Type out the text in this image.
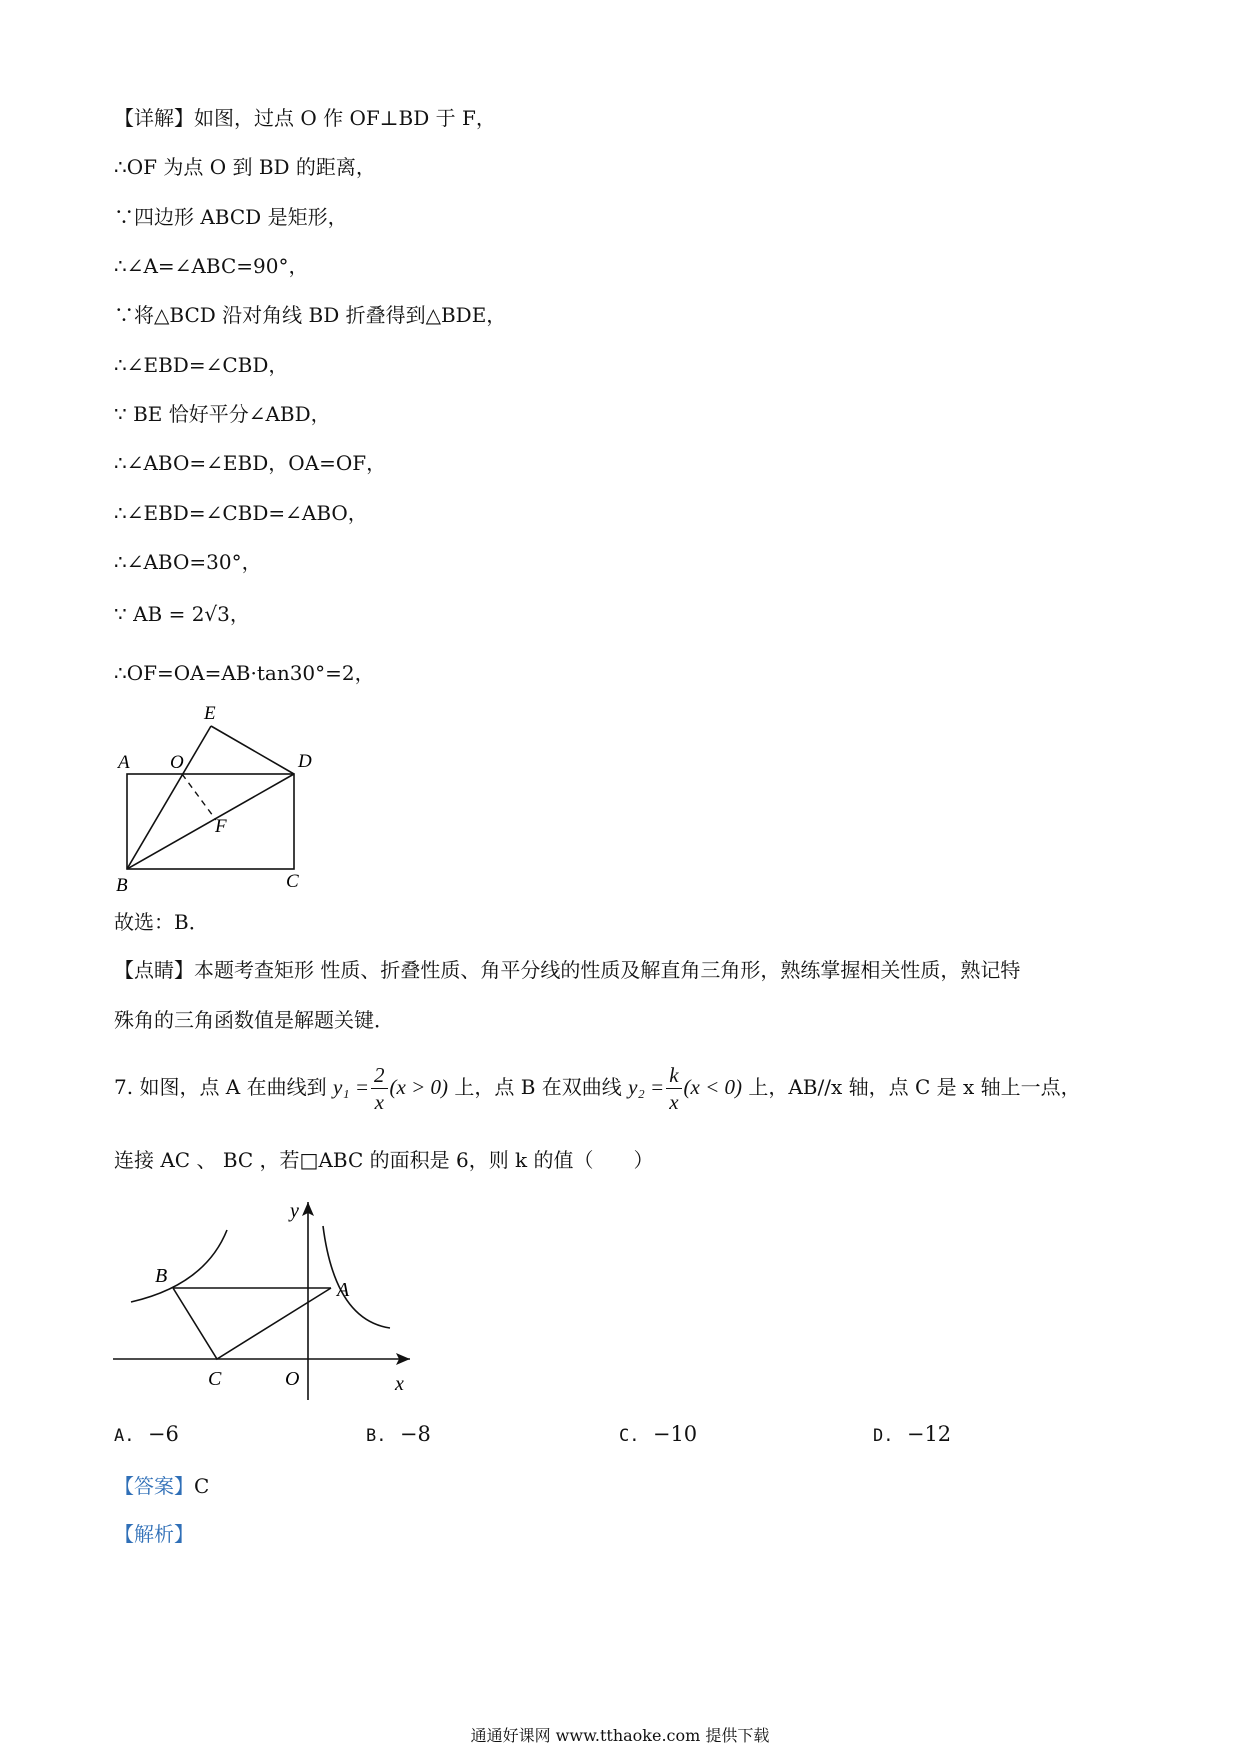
【详解】如图，过点 O 作 OF⊥BD 于 F，
∴OF 为点 O 到 BD 的距离，
∵四边形 ABCD 是矩形，
∴∠A=∠ABC=90°，
∵将△BCD 沿对角线 BD 折叠得到△BDE，
∴∠EBD=∠CBD，
∵ BE 恰好平分∠ABD，
∴∠ABO=∠EBD，OA=OF，
∴∠EBD=∠CBD=∠ABO，
∴∠ABO=30°，
∵ AB = 2√3，
∴OF=OA=AB·tan30°=2，
E
A O	D
F
B	C
故选：B．
【点睛】本题考查矩形 性质、折叠性质、角平分线的性质及解直角三角形，熟练掌握相关性质，熟记特
殊角的三角函数值是解题关键．
7. 如图，点 A 在曲线到 $y_1 = \frac{2}{x} (x > 0)$ 上，点 B 在双曲线 $y_2 = \frac{k}{x} (x < 0)$ 上，AB//x 轴，点 C 是 x 轴上一点，
连接 AC 、 BC ，若□ABC 的面积是 6，则 k 的值（　　）
y
B
A
C	O	x
A. −6	B. −8	C. −10	D. −12
【答案】C
【解析】
通通好课网 www.tthaoke.com 提供下载
